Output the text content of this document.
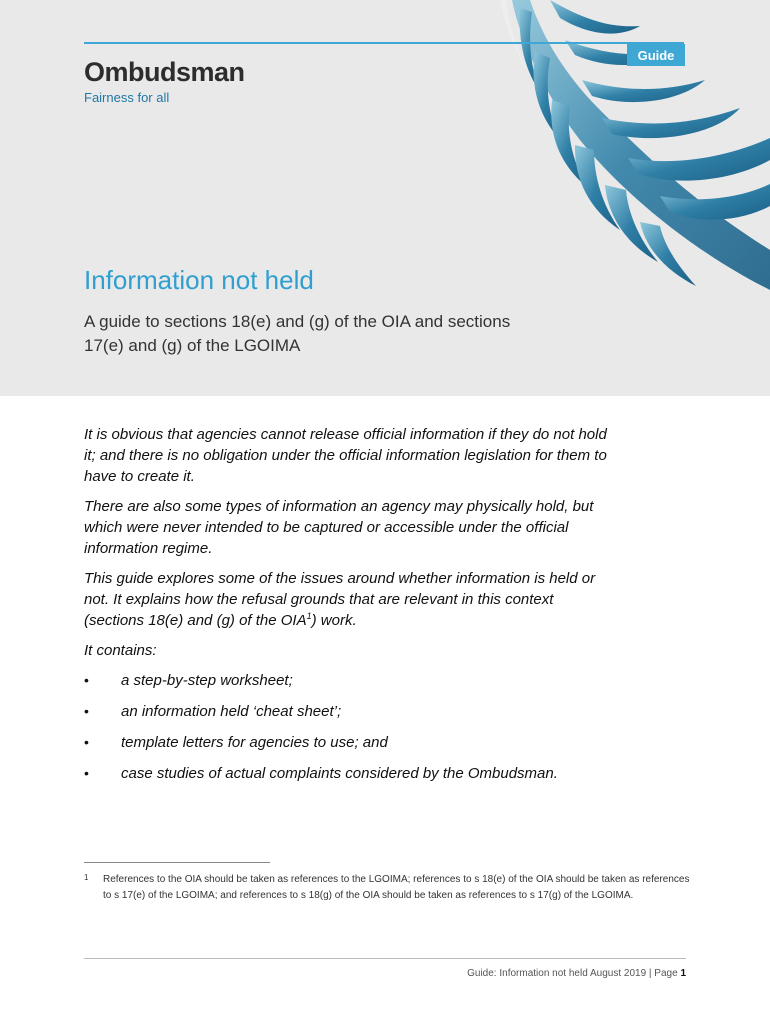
Guide
Ombudsman
Fairness for all
Information not held
A guide to sections 18(e) and (g) of the OIA and sections 17(e) and (g) of the LGOIMA

It is obvious that agencies cannot release official information if they do not hold it; and there is no obligation under the official information legislation for them to have to create it.

There are also some types of information an agency may physically hold, but which were never intended to be captured or accessible under the official information regime.

This guide explores some of the issues around whether information is held or not. It explains how the refusal grounds that are relevant in this context (sections 18(e) and (g) of the OIA$^1$) work.

It contains:

• a step-by-step worksheet;
• an information held ‘cheat sheet’;
• template letters for agencies to use; and
• case studies of actual complaints considered by the Ombudsman.
1	References to the OIA should be taken as references to the LGOIMA; references to s 18(e) of the OIA should be taken as references to s 17(e) of the LGOIMA; and references to s 18(g) of the OIA should be taken as references to s 17(g) of the LGOIMA.
Guide: Information not held August 2019 | Page 1
